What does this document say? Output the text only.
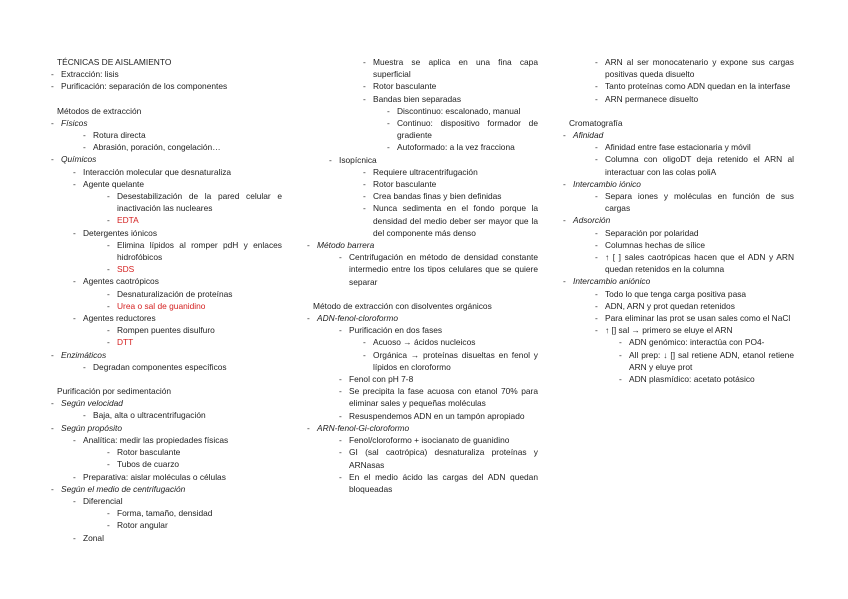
TÉCNICAS DE AISLAMIENTO
- Extracción: lisis
- Purificación: separación de los componentes
Métodos de extracción
- Físicos
- Rotura directa
- Abrasión, poración, congelación…
- Químicos
- Interacción molecular que desnaturaliza
- Agente quelante
- Desestabilización de la pared celular e inactivación las nucleares
- EDTA
- Detergentes iónicos
- Elimina lípidos al romper pdH y enlaces hidrofóbicos
- SDS
- Agentes caotrópicos
- Desnaturalización de proteínas
- Urea o sal de guanidino
- Agentes reductores
- Rompen puentes disulfuro
- DTT
- Enzimáticos
- Degradan componentes específicos
Purificación por sedimentación
- Según velocidad
- Baja, alta o ultracentrifugación
- Según propósito
- Analítica: medir las propiedades físicas
- Rotor basculante
- Tubos de cuarzo
- Preparativa: aislar moléculas o células
- Según el medio de centrifugación
- Diferencial
- Forma, tamaño, densidad
- Rotor angular
- Zonal
- Muestra se aplica en una fina capa superficial
- Rotor basculante
- Bandas bien separadas
- Discontinuo: escalonado, manual
- Continuo: dispositivo formador de gradiente
- Autoformado: a la vez fracciona
- Isopícnica
- Requiere ultracentrifugación
- Rotor basculante
- Crea bandas finas y bien definidas
- Nunca sedimenta en el fondo porque la densidad del medio deber ser mayor que la del componente más denso
- Método barrera
- Centrifugación en método de densidad constante intermedio entre los tipos celulares que se quiere separar
Método de extracción con disolventes orgánicos
- ADN-fenol-cloroformo
- Purificación en dos fases
- Acuoso → ácidos nucleicos
- Orgánica → proteínas disueltas en fenol y lípidos en cloroformo
- Fenol con pH 7-8
- Se precipita la fase acuosa con etanol 70% para eliminar sales y pequeñas moléculas
- Resuspendemos ADN en un tampón apropiado
- ARN-fenol-Gi-cloroformo
- Fenol/cloroformo + isocianato de guanidino
- GI (sal caotrópica) desnaturaliza proteínas y ARNasas
- En el medio ácido las cargas del ADN quedan bloqueadas
- ARN al ser monocatenario y expone sus cargas positivas queda disuelto
- Tanto proteínas como ADN quedan en la interfase
- ARN permanece disuelto
Cromatografía
- Afinidad
- Afinidad entre fase estacionaria y móvil
- Columna con oligoDT deja retenido el ARN al interactuar con las colas poliA
- Intercambio iónico
- Separa iones y moléculas en función de sus cargas
- Adsorción
- Separación por polaridad
- Columnas hechas de sílice
- ↑ [ ] sales caotrópicas hacen que el ADN y ARN quedan retenidos en la columna
- Intercambio aniónico
- Todo lo que tenga carga positiva pasa
- ADN, ARN y prot quedan retenidos
- Para eliminar las prot se usan sales como el NaCl
- ↑ [] sal → primero se eluye el ARN
- ADN genómico: interactúa con PO4-
- All prep: ↓ [] sal retiene ADN, etanol retiene ARN y eluye prot
- ADN plasmídico: acetato potásico
